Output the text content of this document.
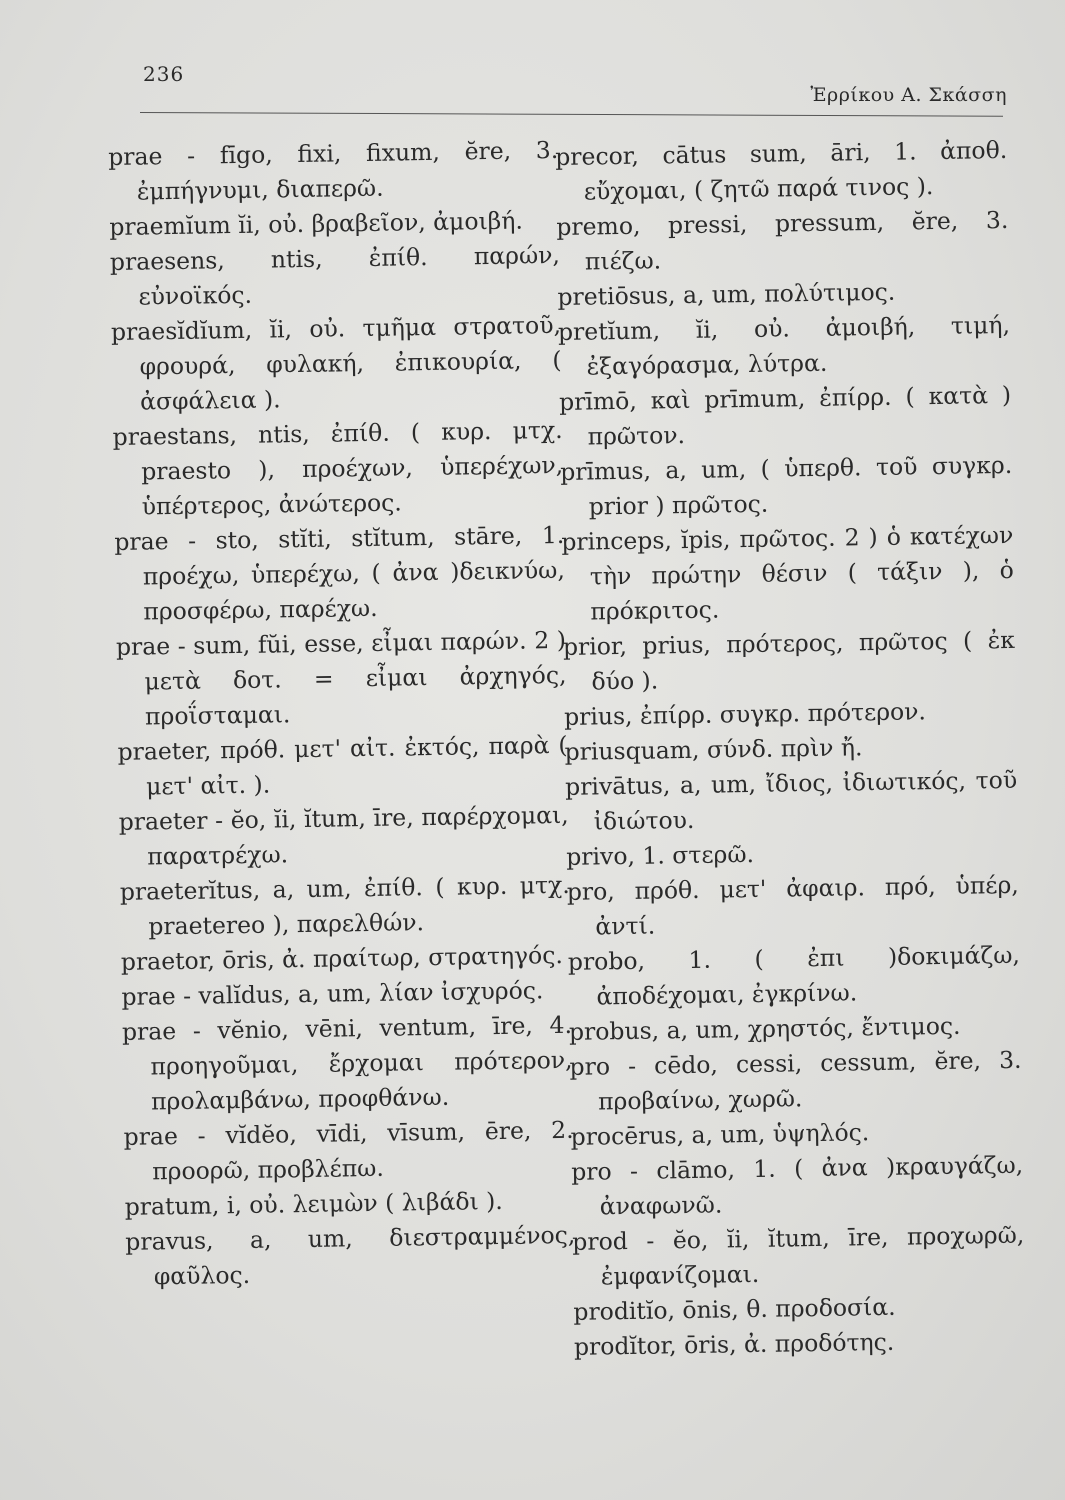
236
Ἐρρίκου Α. Σκάσση
prae - fīgo, fixi, fixum, ĕre, 3. ἐμπήγνυμι, διαπερῶ.
praemĭum ĭi, οὐ. βραβεῖον, ἀμοιβή.
praesens, ntis, ἐπίθ. παρών, εὐνοϊκός.
praesĭdĭum, ĭi, οὐ. τμῆμα στρατοῦ, φρουρά, φυλακή, ἐπικουρία, ( ἀσφάλεια ).
praestans, ntis, ἐπίθ. ( κυρ. μτχ. praesto ), προέχων, ὑπερέχων, ὑπέρτερος, ἀνώτερος.
prae - sto, stĭti, stĭtum, stāre, 1. προέχω, ὑπερέχω, ( ἀνα )δεικνύω, προσφέρω, παρέχω.
prae - sum, fŭi, esse, εἶμαι παρών. 2 ) μετὰ δοτ. = εἶμαι ἀρχηγός, προΐσταμαι.
praeter, πρόθ. μετ' αἰτ. ἐκτός, παρὰ ( μετ' αἰτ. ).
praeter - ĕo, ĭi, ĭtum, īre, παρέρχομαι, παρατρέχω.
praeterĭtus, a, um, ἐπίθ. ( κυρ. μτχ. praetereo ), παρελθών.
praetor, ōris, ἀ. πραίτωρ, στρατηγός.
prae - valĭdus, a, um, λίαν ἰσχυρός.
prae - vĕnio, vēni, ventum, īre, 4. προηγοῦμαι, ἔρχομαι πρότερον, προλαμβάνω, προφθάνω.
prae - vĭdĕo, vīdi, vīsum, ēre, 2. προορῶ, προβλέπω.
pratum, i, οὐ. λειμὼν ( λιβάδι ).
pravus, a, um, διεστραμμένος, φαῦλος.
precor, cātus sum, āri, 1. ἀποθ. εὔχομαι, ( ζητῶ παρά τινος ).
premo, pressi, pressum, ĕre, 3. πιέζω.
pretiōsus, a, um, πολύτιμος.
pretĭum, ĭi, οὐ. ἀμοιβή, τιμή, ἐξαγόρασμα, λύτρα.
prīmō, καὶ prīmum, ἐπίρρ. ( κατὰ ) πρῶτον.
prīmus, a, um, ( ὑπερθ. τοῦ συγκρ. prior ) πρῶτος.
princeps, ĭpis, πρῶτος. 2 ) ὁ κατέχων τὴν πρώτην θέσιν ( τάξιν ), ὁ πρόκριτος.
prior, prius, πρότερος, πρῶτος ( ἐκ δύο ).
prius, ἐπίρρ. συγκρ. πρότερον.
priusquam, σύνδ. πρὶν ἤ.
privātus, a, um, ἴδιος, ἰδιωτικός, τοῦ ἰδιώτου.
privo, 1. στερῶ.
pro, πρόθ. μετ' ἀφαιρ. πρό, ὑπέρ, ἀντί.
probo, 1. ( ἐπι )δοκιμάζω, ἀποδέχομαι, ἐγκρίνω.
probus, a, um, χρηστός, ἔντιμος.
pro - cēdo, cessi, cessum, ĕre, 3. προβαίνω, χωρῶ.
procērus, a, um, ὑψηλός.
pro - clāmo, 1. ( ἀνα )κραυγάζω, ἀναφωνῶ.
prod - ĕo, ĭi, ĭtum, īre, προχωρῶ, ἐμφανίζομαι.
proditĭo, ōnis, θ. προδοσία.
prodĭtor, ōris, ἀ. προδότης.
